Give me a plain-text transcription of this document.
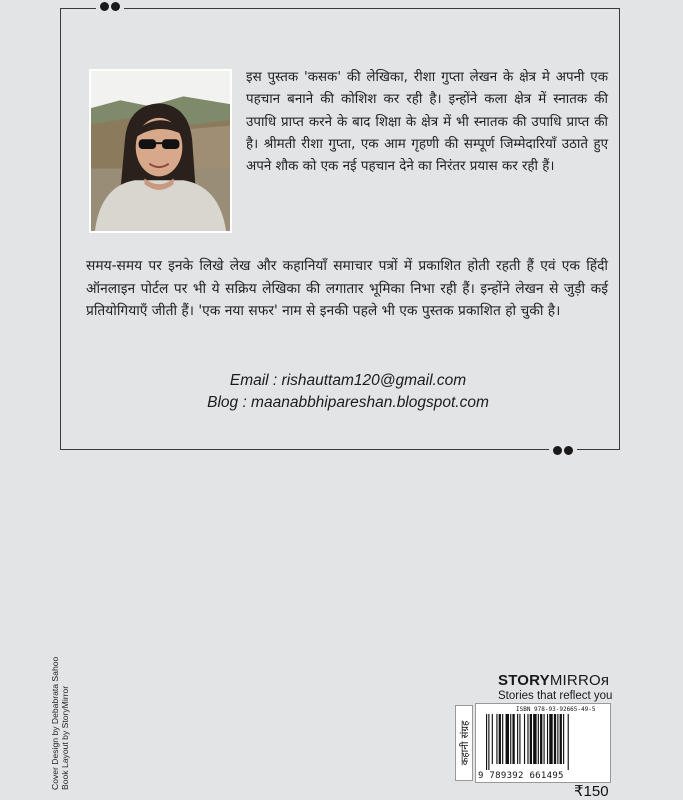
इस पुस्तक 'कसक' की लेखिका, रीशा गुप्ता लेखन के क्षेत्र मे अपनी एक पहचान बनाने की कोशिश कर रही है। इन्होंने कला क्षेत्र में स्नातक की उपाधि प्राप्त करने के बाद शिक्षा के क्षेत्र में भी स्नातक की उपाधि प्राप्त की है। श्रीमती रीशा गुप्ता, एक आम गृहणी की सम्पूर्ण जिम्मेदारियाँ उठाते हुए अपने शौक को एक नई पहचान देने का निरंतर प्रयास कर रही हैं।

समय-समय पर इनके लिखे लेख और कहानियाँ समाचार पत्रों में प्रकाशित होती रहती हैं एवं एक हिंदी ऑनलाइन पोर्टल पर भी ये सक्रिय लेखिका की लगातार भूमिका निभा रही हैं। इन्होंने लेखन से जुड़ी कई प्रतियोगियाएँ जीती हैं। 'एक नया सफर' नाम से इनकी पहले भी एक पुस्तक प्रकाशित हो चुकी है।

Email : rishauttam120@gmail.com
Blog : maanabbhipareshan.blogspot.com
Cover Design by Debabrata Sahoo
Book Layout by StoryMirror
STORYMIRROᴙ
Stories that reflect you
कहानी संग्रह
ISBN 978-93-92665-49-5
9 789392 661495
₹150
